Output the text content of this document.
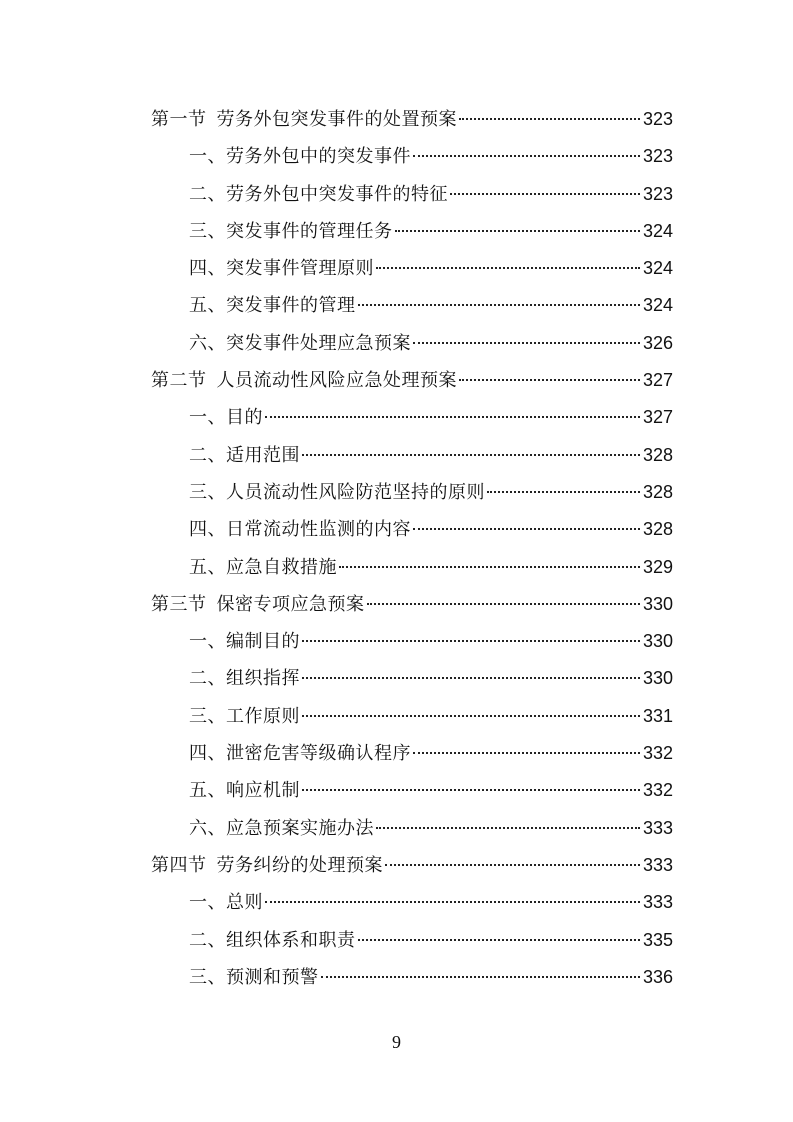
第一节 劳务外包突发事件的处置预案	323
一、劳务外包中的突发事件	323
二、劳务外包中突发事件的特征	323
三、突发事件的管理任务	324
四、突发事件管理原则	324
五、突发事件的管理	324
六、突发事件处理应急预案	326
第二节 人员流动性风险应急处理预案	327
一、目的	327
二、适用范围	328
三、人员流动性风险防范坚持的原则	328
四、日常流动性监测的内容	328
五、应急自救措施	329
第三节 保密专项应急预案	330
一、编制目的	330
二、组织指挥	330
三、工作原则	331
四、泄密危害等级确认程序	332
五、响应机制	332
六、应急预案实施办法	333
第四节 劳务纠纷的处理预案	333
一、总则	333
二、组织体系和职责	335
三、预测和预警	336
9
